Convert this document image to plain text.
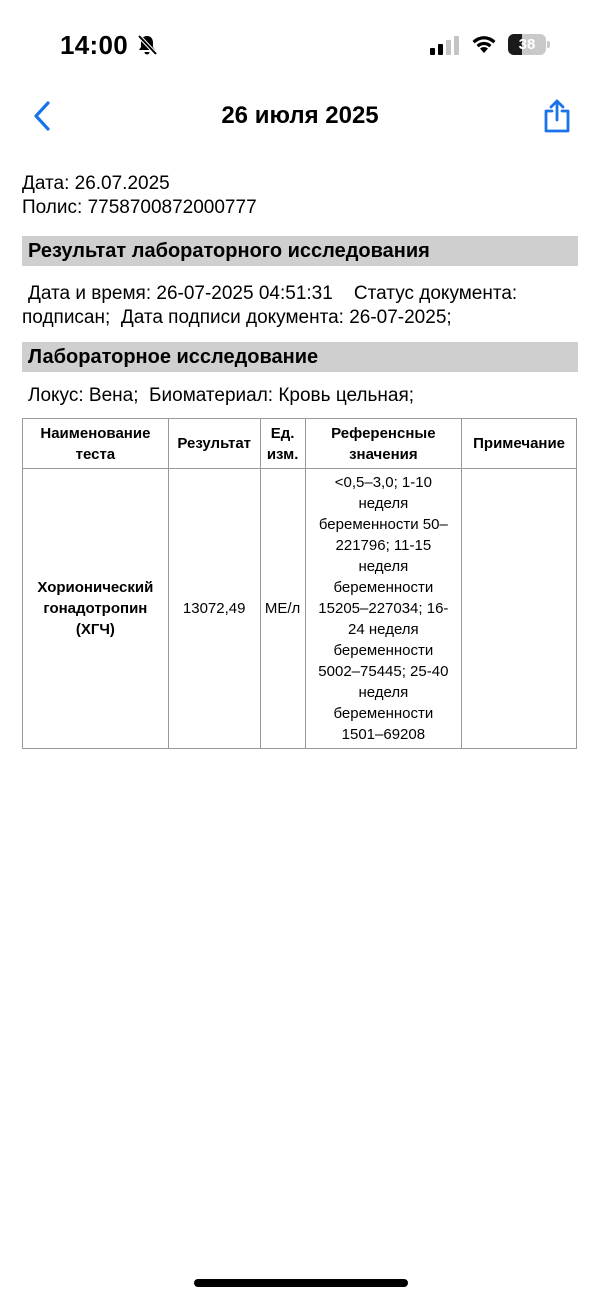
14:00	38
26 июля 2025
Дата: 26.07.2025
Полис: 7758700872000777
Результат лабораторного исследования
Дата и время: 26-07-2025 04:51:31    Статус документа:
подписан;  Дата подписи документа: 26-07-2025;
Лабораторное исследование
Локус: Вена;  Биоматериал: Кровь цельная;
Наименование теста	Результат	Ед. изм.	Референсные значения	Примечание
Хорионический гонадотропин (ХГЧ)	13072,49	МЕ/л	<0,5–3,0; 1-10 неделя беременности 50–221796; 11-15 неделя беременности 15205–227034; 16-24 неделя беременности 5002–75445; 25-40 неделя беременности 1501–69208	
